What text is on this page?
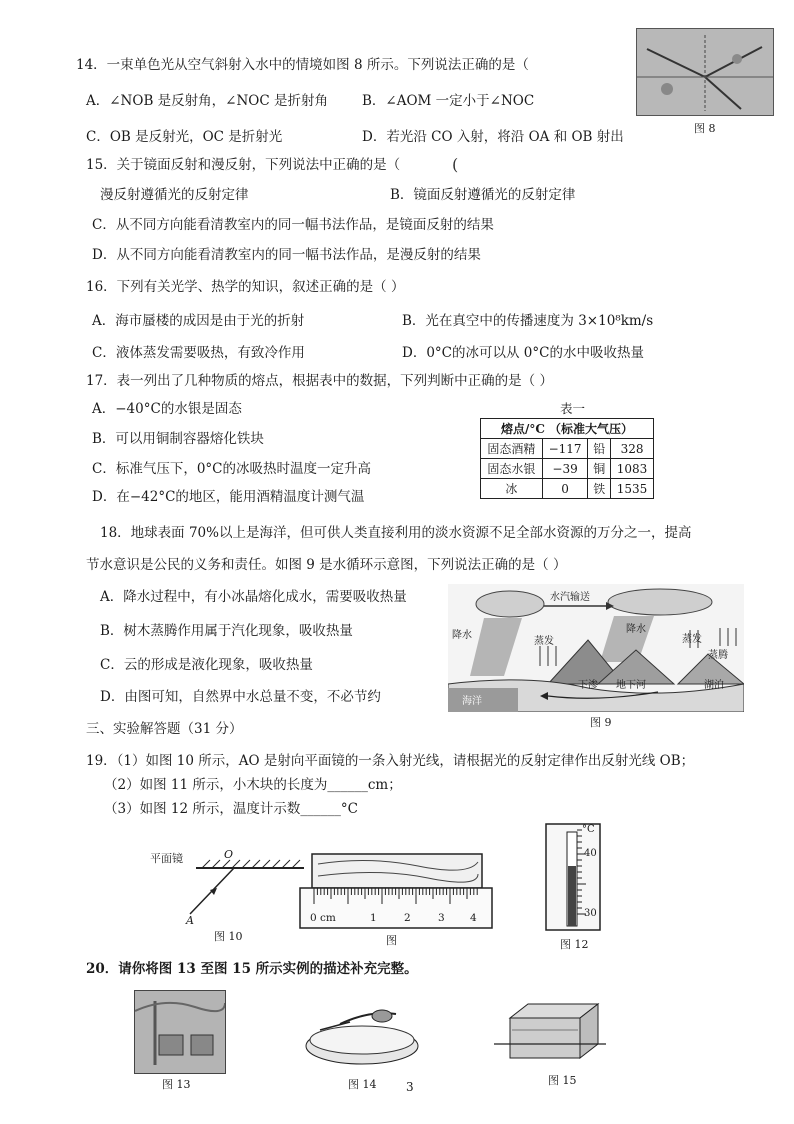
14．一束单色光从空气斜射入水中的情境如图 8 所示。下列说法正确的是（
A．∠NOB 是反射角，∠NOC 是折射角	B．∠AOM 一定小于∠NOC
C．OB 是反射光，OC 是折射光	D．若光沿 CO 入射，将沿 OA 和 OB 射出
图 8
15．关于镜面反射和漫反射，下列说法中正确的是（
漫反射遵循光的反射定律	B．镜面反射遵循光的反射定律
C．从不同方向能看清教室内的同一幅书法作品，是镜面反射的结果
D．从不同方向能看清教室内的同一幅书法作品，是漫反射的结果
16．下列有关光学、热学的知识，叙述正确的是（ ）
A．海市蜃楼的成因是由于光的折射	B．光在真空中的传播速度为 3×10⁸km/s
C．液体蒸发需要吸热，有致冷作用	D．0°C的冰可以从 0°C的水中吸收热量
17．表一列出了几种物质的熔点，根据表中的数据，下列判断中正确的是（ ）
A．−40°C的水银是固态
B．可以用铜制容器熔化铁块
C．标准气压下，0°C的冰吸热时温度一定升高
D．在−42°C的地区，能用酒精温度计测气温
表一
熔点/°C （标准大气压）			
固态酒精	−117	铅	328
固态水银	−39	铜	1083
冰	0	铁	1535
18．地球表面 70%以上是海洋，但可供人类直接利用的淡水资源不足全部水资源的万分之一，提高
节水意识是公民的义务和责任。如图 9 是水循环示意图，下列说法正确的是（ ）
A．降水过程中，有小冰晶熔化成水，需要吸收热量
B．树木蒸腾作用属于汽化现象，吸收热量
C．云的形成是液化现象，吸收热量
D．由图可知，自然界中水总量不变，不必节约
水汽输送
降水
降水
蒸发	蒸发
蒸腾
湖泊
下渗 地下河
海洋
图 9
三、实验解答题（31 分）
19．（1）如图 10 所示，AO 是射向平面镜的一条入射光线，请根据光的反射定律作出反射光线 OB；
（2）如图 11 所示，小木块的长度为______cm；
（3）如图 12 所示，温度计示数______°C
平面镜	O
A
图 10
0 cm	1	2	3 4
图
°C
40
30
图 12
20．请你将图 13 至图 15 所示实例的描述补充完整。
图 13	图 14	图 15
3
(
